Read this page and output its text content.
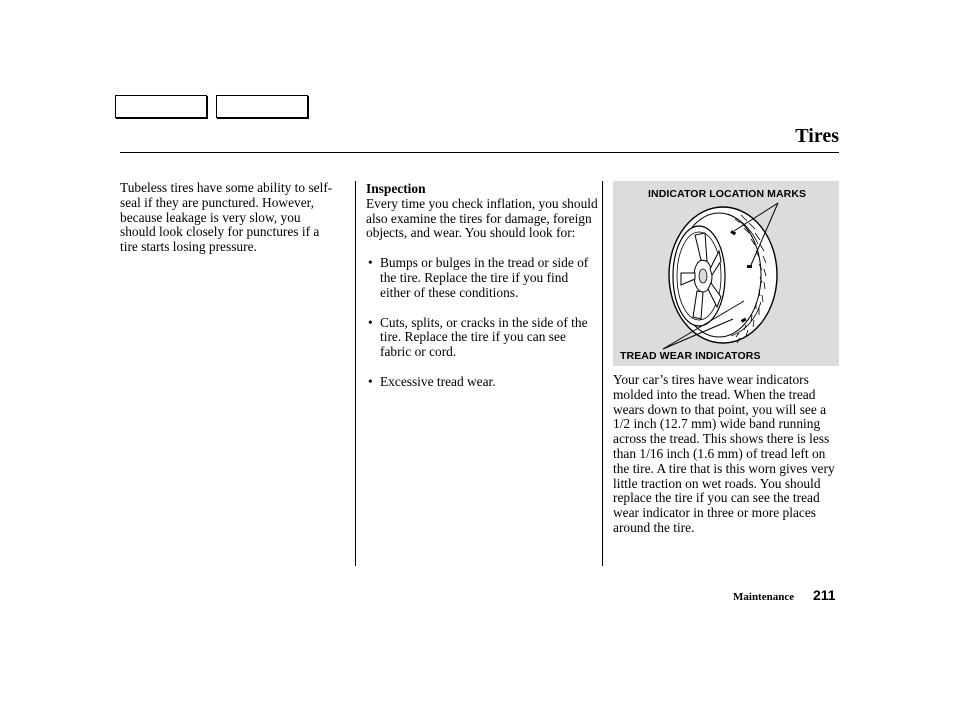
Tires
Tubeless tires have some ability to self-seal if they are punctured. However, because leakage is very slow, you should look closely for punctures if a tire starts losing pressure.
Inspection
Every time you check inflation, you should also examine the tires for damage, foreign objects, and wear. You should look for:
• Bumps or bulges in the tread or side of the tire. Replace the tire if you find either of these conditions.
• Cuts, splits, or cracks in the side of the tire. Replace the tire if you can see fabric or cord.
• Excessive tread wear.
INDICATOR LOCATION MARKS
TREAD WEAR INDICATORS
Your car’s tires have wear indicators molded into the tread. When the tread wears down to that point, you will see a 1/2 inch (12.7 mm) wide band running across the tread. This shows there is less than 1/16 inch (1.6 mm) of tread left on the tire. A tire that is this worn gives very little traction on wet roads. You should replace the tire if you can see the tread wear indicator in three or more places around the tire.
Maintenance 211
